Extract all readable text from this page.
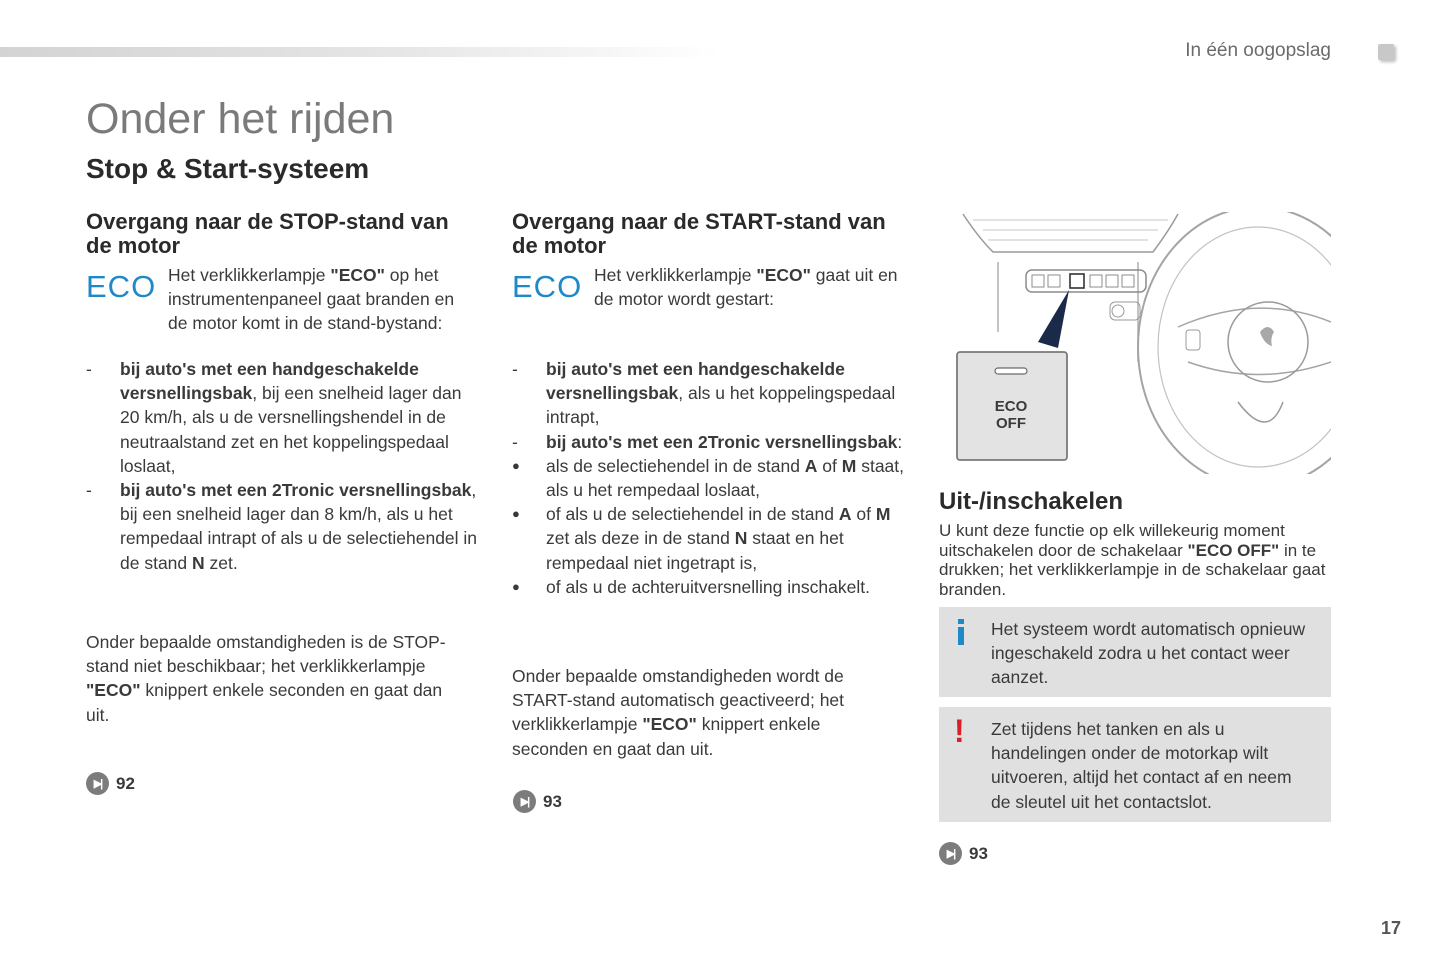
In één oogopslag
Onder het rijden
Stop & Start-systeem
Overgang naar de STOP-stand van de motor
ECO Het verklikkerlampje "ECO" op het instrumentenpaneel gaat branden en de motor komt in de stand-bystand:
-	bij auto's met een handgeschakelde versnellingsbak, bij een snelheid lager dan 20 km/h, als u de versnellingshendel in de neutraalstand zet en het koppelingspedaal loslaat,
-	bij auto's met een 2Tronic versnellingsbak, bij een snelheid lager dan 8 km/h, als u het rempedaal intrapt of als u de selectiehendel in de stand N zet.
Onder bepaalde omstandigheden is de STOP-stand niet beschikbaar; het verklikkerlampje "ECO" knippert enkele seconden en gaat dan uit.
▶| 92
Overgang naar de START-stand van de motor
ECO Het verklikkerlampje "ECO" gaat uit en de motor wordt gestart:
-	bij auto's met een handgeschakelde versnellingsbak, als u het koppelingspedaal intrapt,
-	bij auto's met een 2Tronic versnellingsbak:
●	als de selectiehendel in de stand A of M staat, als u het rempedaal loslaat,
●	of als u de selectiehendel in de stand A of M zet als deze in de stand N staat en het rempedaal niet ingetrapt is,
●	of als u de achteruitversnelling inschakelt.
Onder bepaalde omstandigheden wordt de START-stand automatisch geactiveerd; het verklikkerlampje "ECO" knippert enkele seconden en gaat dan uit.
▶| 93
ECO
OFF
Uit-/inschakelen
U kunt deze functie op elk willekeurig moment uitschakelen door de schakelaar "ECO OFF" in te drukken; het verklikkerlampje in de schakelaar gaat branden.
Het systeem wordt automatisch opnieuw ingeschakeld zodra u het contact weer aanzet.
! Zet tijdens het tanken en als u handelingen onder de motorkap wilt uitvoeren, altijd het contact af en neem de sleutel uit het contactslot.
▶| 93
17
